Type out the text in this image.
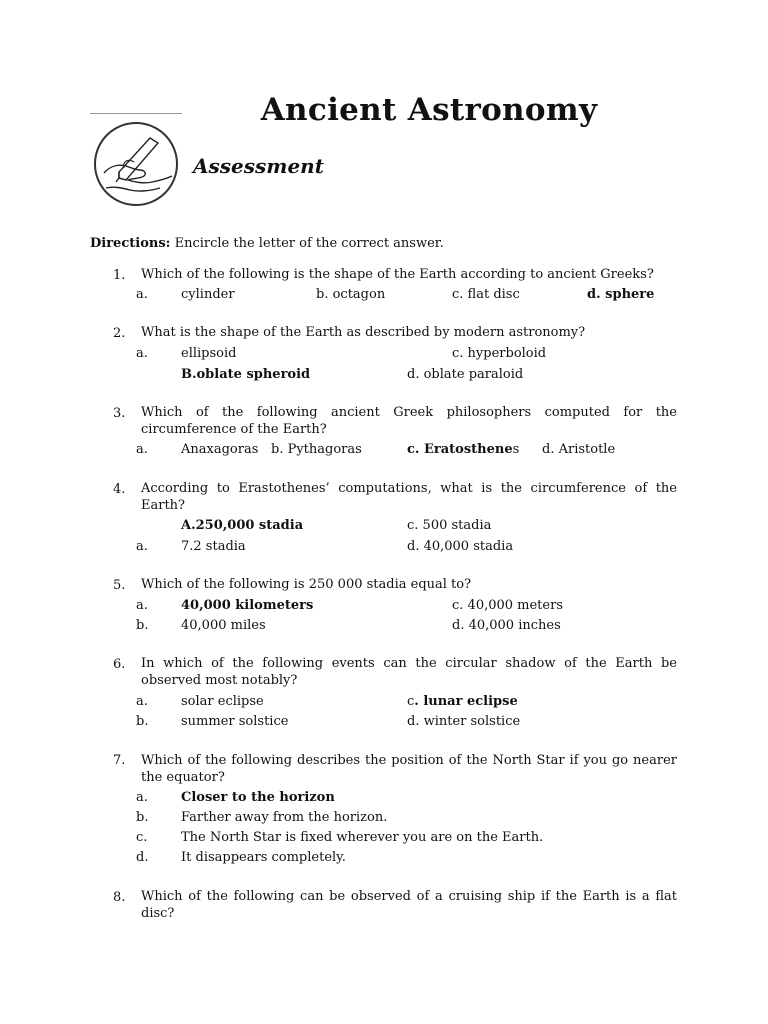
Ancient Astronomy
Assessment
Directions: Encircle the letter of the correct answer.
1. Which of the following is the shape of the Earth according to ancient Greeks?
a.	cylinder	b. octagon	c. flat disc	d. sphere
2. What is the shape of the Earth as described by modern astronomy?
a.	ellipsoid	c. hyperboloid
B.oblate spheroid	d. oblate paraloid
3. Which of the following ancient Greek philosophers computed for the circumference of the Earth?
a.	Anaxagoras b. Pythagoras	c. Eratosthenes d. Aristotle
4. According to Erastothenes’ computations, what is the circumference of the Earth?
A.250,000 stadia	c. 500 stadia
a.	7.2 stadia	d. 40,000 stadia
5. Which of the following is 250 000 stadia equal to?
a.	40,000 kilometers	c. 40,000 meters
b.	40,000 miles	d. 40,000 inches
6. In which of the following events can the circular shadow of the Earth be observed most notably?
a.	solar eclipse	c. lunar eclipse
b.	summer solstice	d. winter solstice
7. Which of the following describes the position of the North Star if you go nearer the equator?
a.	Closer to the horizon
b.	Farther away from the horizon.
c.	The North Star is fixed wherever you are on the Earth.
d.	It disappears completely.
8. Which of the following can be observed of a cruising ship if the Earth is a flat disc?
